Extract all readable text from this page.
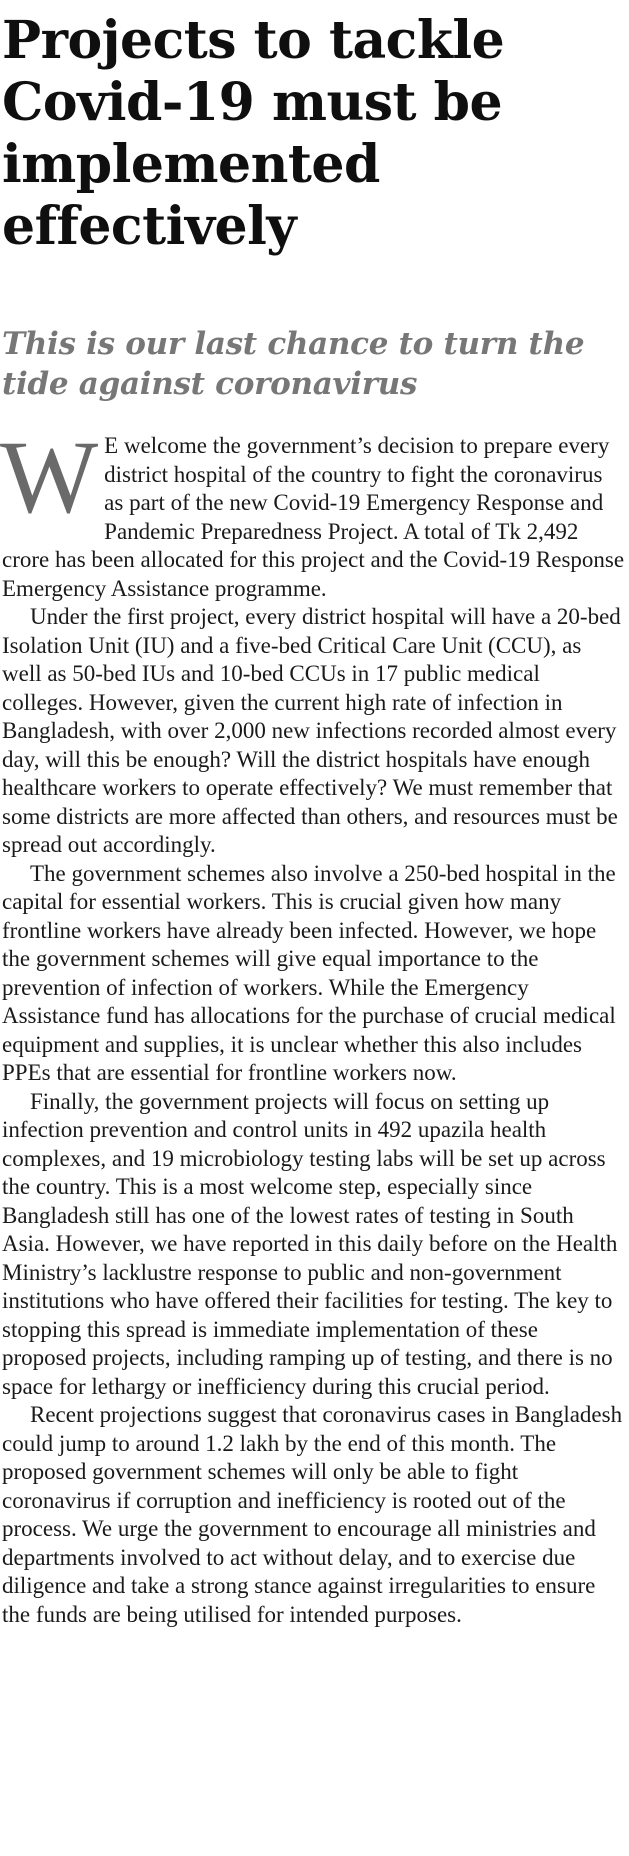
Projects to tackle Covid-19 must be implemented effectively
This is our last chance to turn the tide against coronavirus

W E welcome the government’s decision to prepare every district hospital of the country to fight the coronavirus as part of the new Covid-19 Emergency Response and Pandemic Preparedness Project. A total of Tk 2,492 crore has been allocated for this project and the Covid-19 Response Emergency Assistance programme.

Under the first project, every district hospital will have a 20-bed Isolation Unit (IU) and a five-bed Critical Care Unit (CCU), as well as 50-bed IUs and 10-bed CCUs in 17 public medical colleges. However, given the current high rate of infection in Bangladesh, with over 2,000 new infections recorded almost every day, will this be enough? Will the district hospitals have enough healthcare workers to operate effectively? We must remember that some districts are more affected than others, and resources must be spread out accordingly.

The government schemes also involve a 250-bed hospital in the capital for essential workers. This is crucial given how many frontline workers have already been infected. However, we hope the government schemes will give equal importance to the prevention of infection of workers. While the Emergency Assistance fund has allocations for the purchase of crucial medical equipment and supplies, it is unclear whether this also includes PPEs that are essential for frontline workers now.

Finally, the government projects will focus on setting up infection prevention and control units in 492 upazila health complexes, and 19 microbiology testing labs will be set up across the country. This is a most welcome step, especially since Bangladesh still has one of the lowest rates of testing in South Asia. However, we have reported in this daily before on the Health Ministry’s lacklustre response to public and non-government institutions who have offered their facilities for testing. The key to stopping this spread is immediate implementation of these proposed projects, including ramping up of testing, and there is no space for lethargy or inefficiency during this crucial period.

Recent projections suggest that coronavirus cases in Bangladesh could jump to around 1.2 lakh by the end of this month. The proposed government schemes will only be able to fight coronavirus if corruption and inefficiency is rooted out of the process. We urge the government to encourage all ministries and departments involved to act without delay, and to exercise due diligence and take a strong stance against irregularities to ensure the funds are being utilised for intended purposes.
